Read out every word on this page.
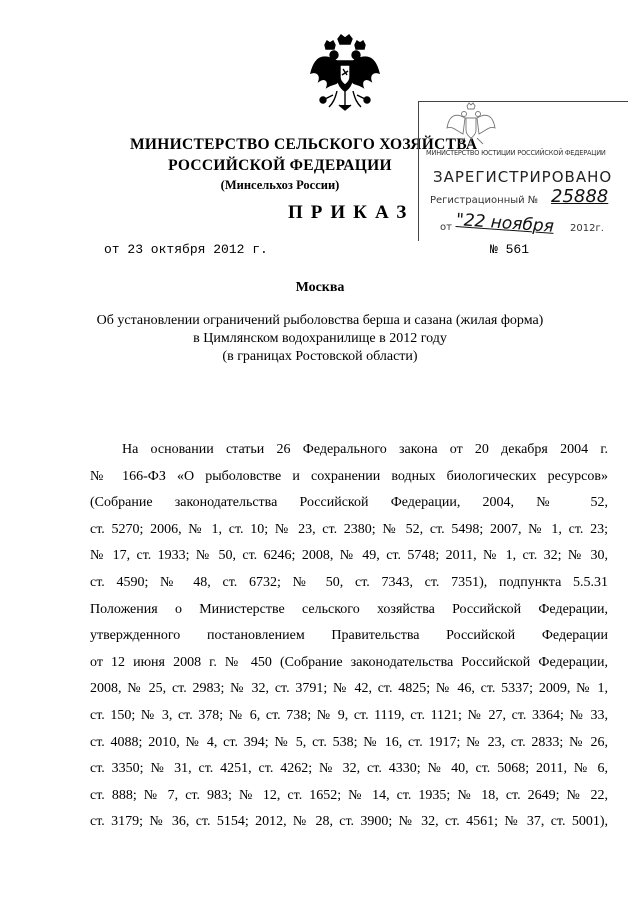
МИНИСТЕРСТВО СЕЛЬСКОГО ХОЗЯЙСТВА
РОССИЙСКОЙ ФЕДЕРАЦИИ
(Минсельхоз России)
ПРИКАЗ
от 23 октября 2012 г.	№ 561
Москва
Об установлении ограничений рыболовства берша и сазана (жилая форма)
в Цимлянском водохранилище в 2012 году
(в границах Ростовской области)
МИНИСТЕРСТВО ЮСТИЦИИ РОССИЙСКОЙ ФЕДЕРАЦИИ
ЗАРЕГИСТРИРОВАНО
Регистрационный № 25888
от "22 ноября 2012г.
На основании статьи 26 Федерального закона от 20 декабря 2004 г.
№ 166-ФЗ «О рыболовстве и сохранении водных биологических ресурсов»
(Собрание законодательства Российской Федерации, 2004, № 52,
ст. 5270; 2006, № 1, ст. 10; № 23, ст. 2380; № 52, ст. 5498; 2007, № 1, ст. 23;
№ 17, ст. 1933; № 50, ст. 6246; 2008, № 49, ст. 5748; 2011, № 1, ст. 32; № 30,
ст. 4590; № 48, ст. 6732; № 50, ст. 7343, ст. 7351), подпункта 5.5.31
Положения о Министерстве сельского хозяйства Российской Федерации,
утвержденного постановлением Правительства Российской Федерации
от 12 июня 2008 г. № 450 (Собрание законодательства Российской Федерации,
2008, № 25, ст. 2983; № 32, ст. 3791; № 42, ст. 4825; № 46, ст. 5337; 2009, № 1,
ст. 150; № 3, ст. 378; № 6, ст. 738; № 9, ст. 1119, ст. 1121; № 27, ст. 3364; № 33,
ст. 4088; 2010, № 4, ст. 394; № 5, ст. 538; № 16, ст. 1917; № 23, ст. 2833; № 26,
ст. 3350; № 31, ст. 4251, ст. 4262; № 32, ст. 4330; № 40, ст. 5068; 2011, № 6,
ст. 888; № 7, ст. 983; № 12, ст. 1652; № 14, ст. 1935; № 18, ст. 2649; № 22,
ст. 3179; № 36, ст. 5154; 2012, № 28, ст. 3900; № 32, ст. 4561; № 37, ст. 5001),
